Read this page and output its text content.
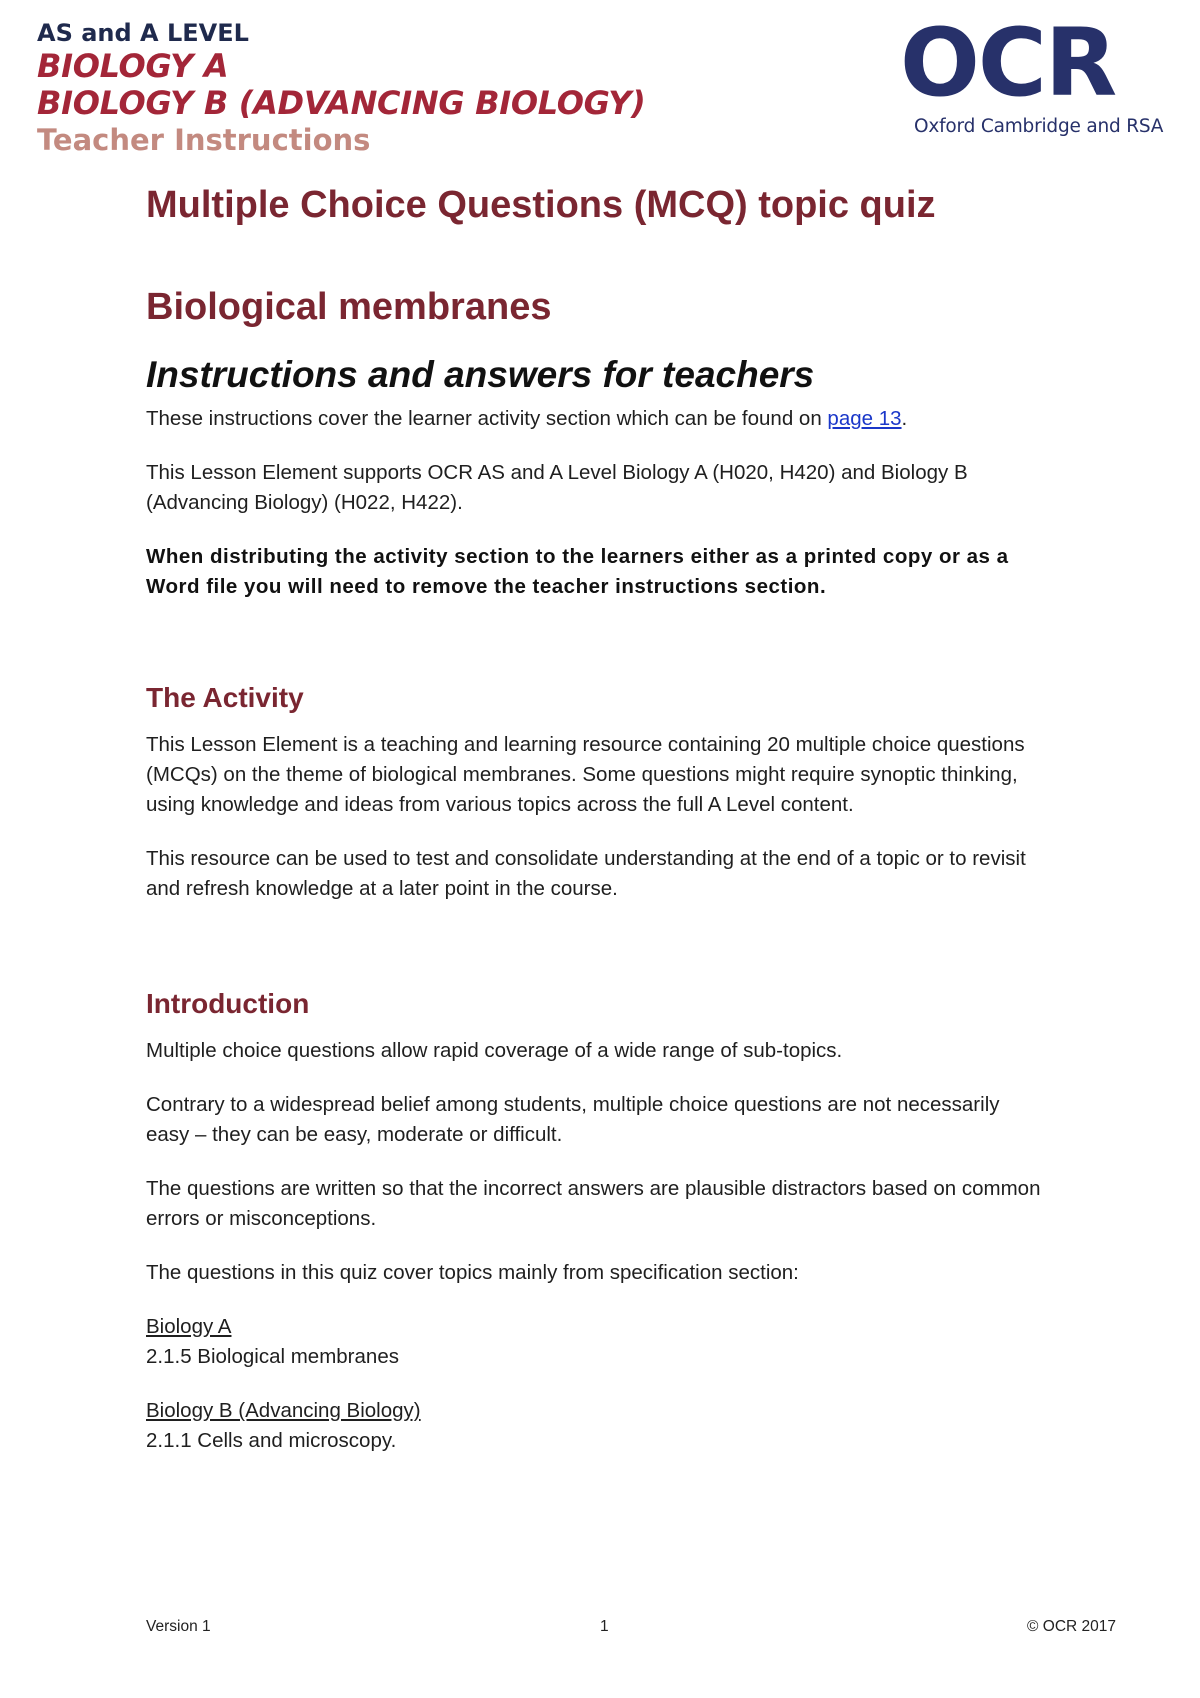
AS and A LEVEL
BIOLOGY A
BIOLOGY B (ADVANCING BIOLOGY)
Teacher Instructions
OCR
Oxford Cambridge and RSA
Multiple Choice Questions (MCQ) topic quiz
Biological membranes
Instructions and answers for teachers

These instructions cover the learner activity section which can be found on page 13.

This Lesson Element supports OCR AS and A Level Biology A (H020, H420) and Biology B (Advancing Biology) (H022, H422).

When distributing the activity section to the learners either as a printed copy or as a Word file you will need to remove the teacher instructions section.

The Activity

This Lesson Element is a teaching and learning resource containing 20 multiple choice questions (MCQs) on the theme of biological membranes. Some questions might require synoptic thinking, using knowledge and ideas from various topics across the full A Level content.

This resource can be used to test and consolidate understanding at the end of a topic or to revisit and refresh knowledge at a later point in the course.

Introduction

Multiple choice questions allow rapid coverage of a wide range of sub-topics.

Contrary to a widespread belief among students, multiple choice questions are not necessarily easy – they can be easy, moderate or difficult.

The questions are written so that the incorrect answers are plausible distractors based on common errors or misconceptions.

The questions in this quiz cover topics mainly from specification section:

Biology A

2.1.5 Biological membranes

Biology B (Advancing Biology)

2.1.1 Cells and microscopy.

Version 1	1	© OCR 2017
